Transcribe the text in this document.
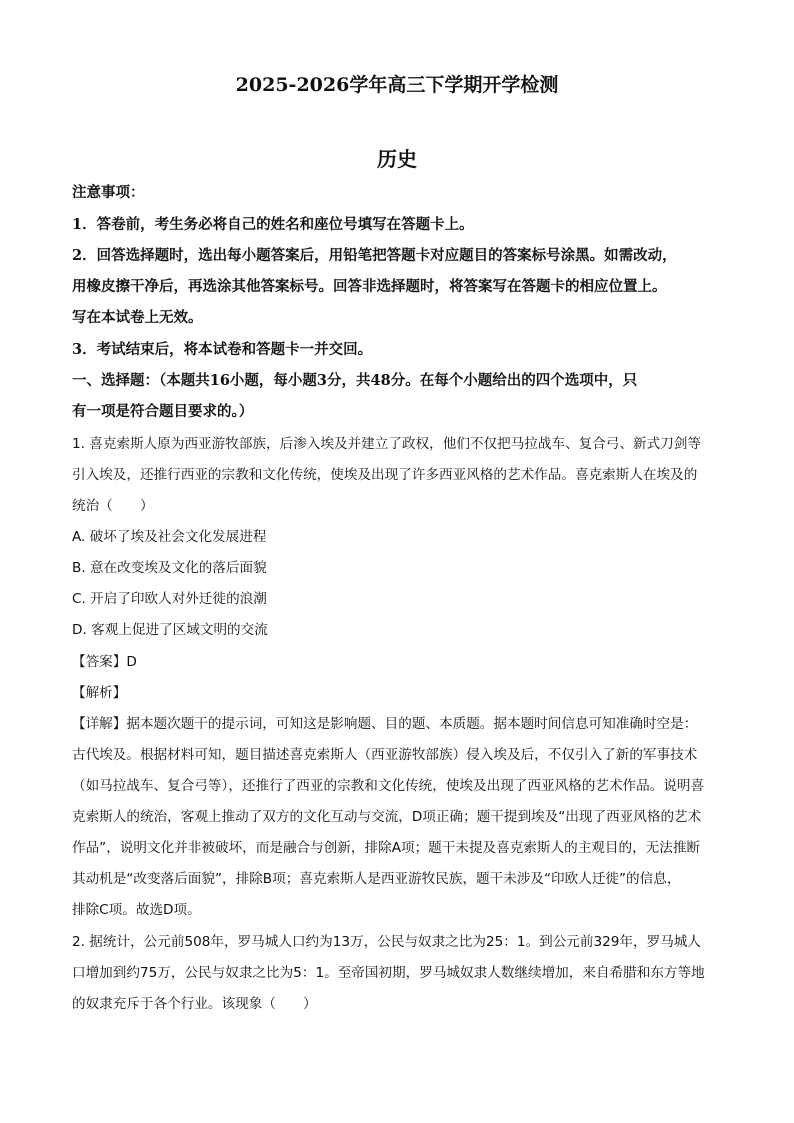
2025-2026学年高三下学期开学检测
历史
注意事项：
1．答卷前，考生务必将自己的姓名和座位号填写在答题卡上。
2．回答选择题时，选出每小题答案后，用铅笔把答题卡对应题目的答案标号涂黑。如需改动，
用橡皮擦干净后，再选涂其他答案标号。回答非选择题时，将答案写在答题卡的相应位置上。
写在本试卷上无效。
3．考试结束后，将本试卷和答题卡一并交回。
一、选择题：（本题共16小题，每小题3分，共48分。在每个小题给出的四个选项中，只
有一项是符合题目要求的。）
1. 喜克索斯人原为西亚游牧部族，后渗入埃及并建立了政权，他们不仅把马拉战车、复合弓、新式刀剑等
引入埃及，还推行西亚的宗教和文化传统，使埃及出现了许多西亚风格的艺术作品。喜克索斯人在埃及的
统治（　　）
A. 破坏了埃及社会文化发展进程
B. 意在改变埃及文化的落后面貌
C. 开启了印欧人对外迁徙的浪潮
D. 客观上促进了区域文明的交流
【答案】D
【解析】
【详解】据本题次题干的提示词，可知这是影响题、目的题、本质题。据本题时间信息可知准确时空是：
古代埃及。根据材料可知，题目描述喜克索斯人（西亚游牧部族）侵入埃及后，不仅引入了新的军事技术
（如马拉战车、复合弓等），还推行了西亚的宗教和文化传统，使埃及出现了西亚风格的艺术作品。说明喜
克索斯人的统治，客观上推动了双方的文化互动与交流，D项正确；题干提到埃及“出现了西亚风格的艺术
作品”，说明文化并非被破坏，而是融合与创新，排除A项；题干未提及喜克索斯人的主观目的，无法推断
其动机是“改变落后面貌”，排除B项；喜克索斯人是西亚游牧民族，题干未涉及“印欧人迁徙”的信息，
排除C项。故选D项。
2. 据统计，公元前508年，罗马城人口约为13万，公民与奴隶之比为25：1。到公元前329年，罗马城人
口增加到约75万，公民与奴隶之比为5：1。至帝国初期，罗马城奴隶人数继续增加，来自希腊和东方等地
的奴隶充斥于各个行业。该现象（　　）
